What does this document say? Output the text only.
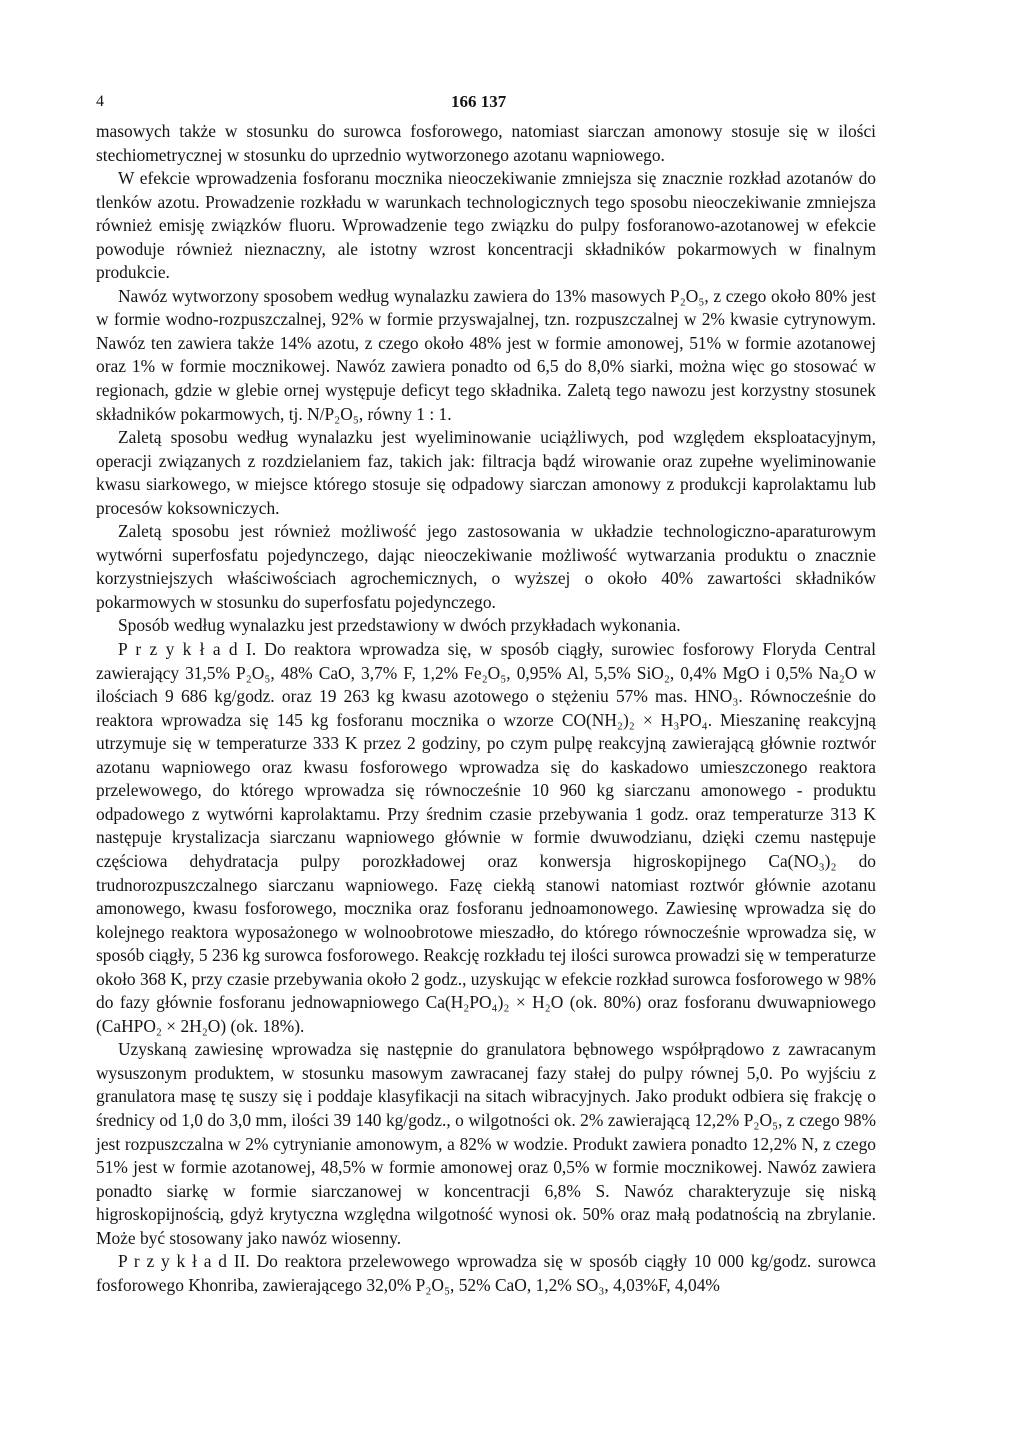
4	166 137

masowych także w stosunku do surowca fosforowego, natomiast siarczan amonowy stosuje się w ilości stechiometrycznej w stosunku do uprzednio wytworzonego azotanu wapniowego.

W efekcie wprowadzenia fosforanu mocznika nieoczekiwanie zmniejsza się znacznie rozkład azotanów do tlenków azotu. Prowadzenie rozkładu w warunkach technologicznych tego sposobu nieoczekiwanie zmniejsza również emisję związków fluoru. Wprowadzenie tego związku do pulpy fosforanowo-azotanowej w efekcie powoduje również nieznaczny, ale istotny wzrost koncentracji składników pokarmowych w finalnym produkcie.

Nawóz wytworzony sposobem według wynalazku zawiera do 13% masowych P₂O₅, z czego około 80% jest w formie wodno-rozpuszczalnej, 92% w formie przyswajalnej, tzn. rozpuszczalnej w 2% kwasie cytrynowym. Nawóz ten zawiera także 14% azotu, z czego około 48% jest w formie amonowej, 51% w formie azotanowej oraz 1% w formie mocznikowej. Nawóz zawiera ponadto od 6,5 do 8,0% siarki, można więc go stosować w regionach, gdzie w glebie ornej występuje deficyt tego składnika. Zaletą tego nawozu jest korzystny stosunek składników pokarmowych, tj. N/P₂O₅, równy 1 : 1.

Zaletą sposobu według wynalazku jest wyeliminowanie uciążliwych, pod względem eksploatacyjnym, operacji związanych z rozdzielaniem faz, takich jak: filtracja bądź wirowanie oraz zupełne wyeliminowanie kwasu siarkowego, w miejsce którego stosuje się odpadowy siarczan amonowy z produkcji kaprolaktamu lub procesów koksowniczych.

Zaletą sposobu jest również możliwość jego zastosowania w układzie technologiczno-aparaturowym wytwórni superfosfatu pojedynczego, dając nieoczekiwanie możliwość wytwarzania produktu o znacznie korzystniejszych właściwościach agrochemicznych, o wyższej o około 40% zawartości składników pokarmowych w stosunku do superfosfatu pojedynczego.

Sposób według wynalazku jest przedstawiony w dwóch przykładach wykonania.

P r z y k ł a d I. Do reaktora wprowadza się, w sposób ciągły, surowiec fosforowy Floryda Central zawierający 31,5% P₂O₅, 48% CaO, 3,7% F, 1,2% Fe₂O₅, 0,95% Al, 5,5% SiO₂, 0,4% MgO i 0,5% Na₂O w ilościach 9 686 kg/godz. oraz 19 263 kg kwasu azotowego o stężeniu 57% mas. HNO₃. Równocześnie do reaktora wprowadza się 145 kg fosforanu mocznika o wzorze CO(NH₂)₂ × H₃PO₄. Mieszaninę reakcyjną utrzymuje się w temperaturze 333 K przez 2 godziny, po czym pulpę reakcyjną zawierającą głównie roztwór azotanu wapniowego oraz kwasu fosforowego wprowadza się do kaskadowo umieszczonego reaktora przelewowego, do którego wprowadza się równocześnie 10 960 kg siarczanu amonowego - produktu odpadowego z wytwórni kaprolaktamu. Przy średnim czasie przebywania 1 godz. oraz temperaturze 313 K następuje krystalizacja siarczanu wapniowego głównie w formie dwuwodzianu, dzięki czemu następuje częściowa dehydratacja pulpy porozkładowej oraz konwersja higroskopijnego Ca(NO₃)₂ do trudnorozpuszczalnego siarczanu wapniowego. Fazę ciekłą stanowi natomiast roztwór głównie azotanu amonowego, kwasu fosforowego, mocznika oraz fosforanu jednoamonowego. Zawiesinę wprowadza się do kolejnego reaktora wyposażonego w wolnoobrotowe mieszadło, do którego równocześnie wprowadza się, w sposób ciągły, 5 236 kg surowca fosforowego. Reakcję rozkładu tej ilości surowca prowadzi się w temperaturze około 368 K, przy czasie przebywania około 2 godz., uzyskując w efekcie rozkład surowca fosforowego w 98% do fazy głównie fosforanu jednowapniowego Ca(H₂PO₄)₂ × H₂O (ok. 80%) oraz fosforanu dwuwapniowego (CaHPO₂ × 2H₂O) (ok. 18%).

Uzyskaną zawiesinę wprowadza się następnie do granulatora bębnowego współprądowo z zawracanym wysuszonym produktem, w stosunku masowym zawracanej fazy stałej do pulpy równej 5,0. Po wyjściu z granulatora masę tę suszy się i poddaje klasyfikacji na sitach wibracyjnych. Jako produkt odbiera się frakcję o średnicy od 1,0 do 3,0 mm, ilości 39 140 kg/godz., o wilgotności ok. 2% zawierającą 12,2% P₂O₅, z czego 98% jest rozpuszczalna w 2% cytrynianie amonowym, a 82% w wodzie. Produkt zawiera ponadto 12,2% N, z czego 51% jest w formie azotanowej, 48,5% w formie amonowej oraz 0,5% w formie mocznikowej. Nawóz zawiera ponadto siarkę w formie siarczanowej w koncentracji 6,8% S. Nawóz charakteryzuje się niską higroskopijnością, gdyż krytyczna względna wilgotność wynosi ok. 50% oraz małą podatnością na zbrylanie. Może być stosowany jako nawóz wiosenny.

P r z y k ł a d II. Do reaktora przelewowego wprowadza się w sposób ciągły 10 000 kg/godz. surowca fosforowego Khonriba, zawierającego 32,0% P₂O₅, 52% CaO, 1,2% SO₃, 4,03%F, 4,04%
